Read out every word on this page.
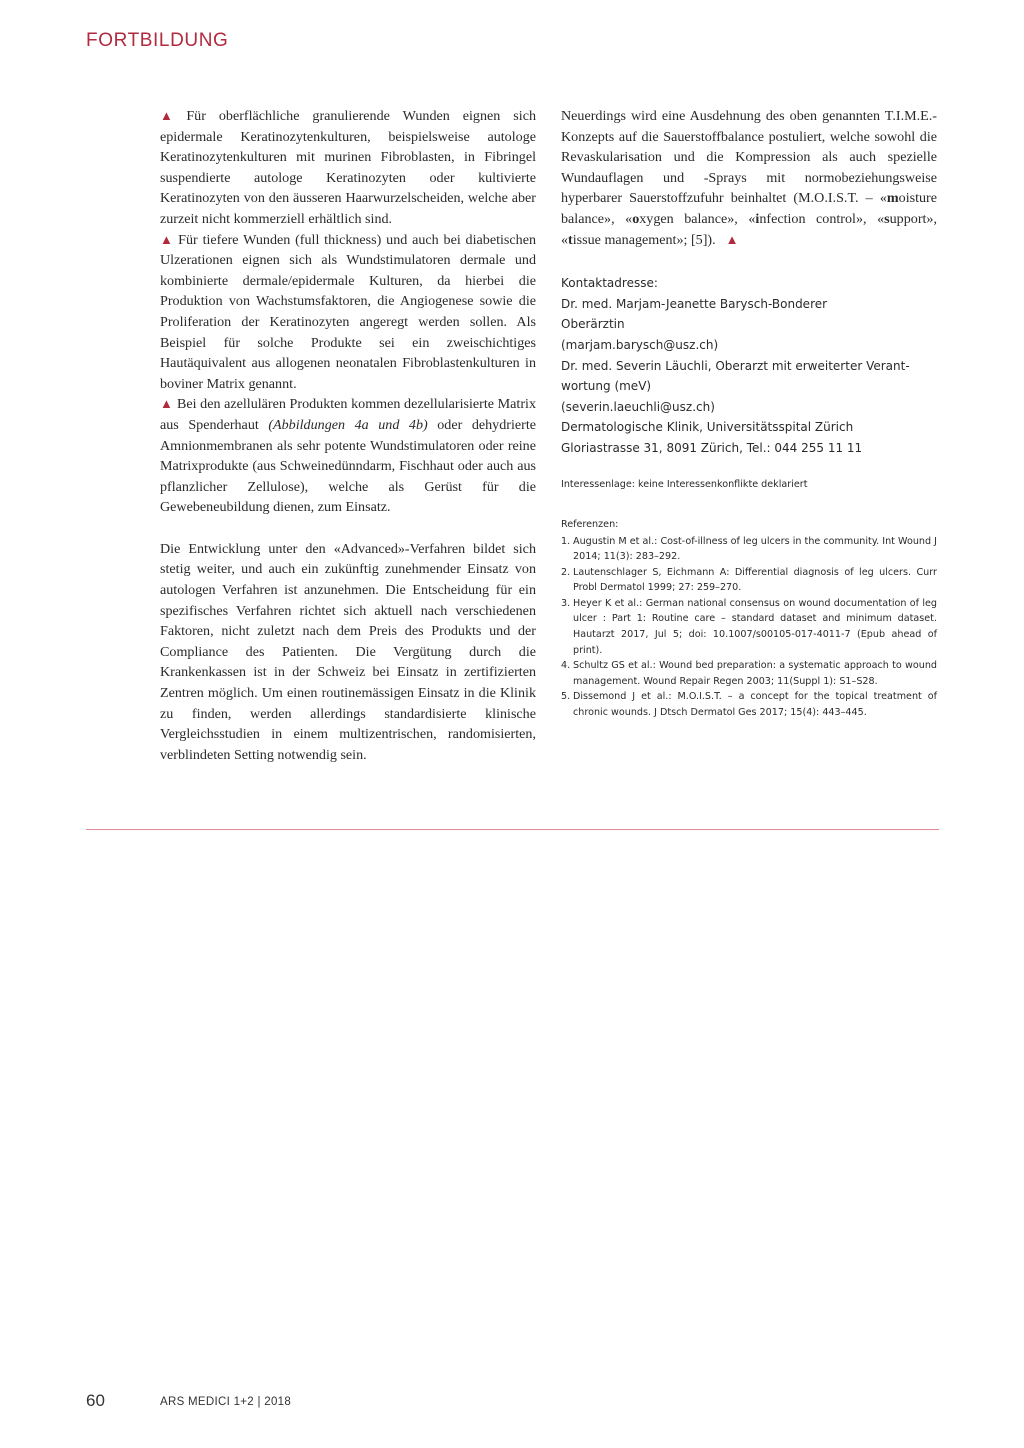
FORTBILDUNG

▲ Für oberflächliche granulierende Wunden eignen sich epidermale Keratinozytenkulturen, beispielsweise autologe Keratinozytenkulturen mit murinen Fibroblasten, in Fibringel suspendierte autologe Keratinozyten oder kultivierte Keratinozyten von den äusseren Haarwurzelscheiden, welche aber zurzeit nicht kommerziell erhältlich sind.

▲ Für tiefere Wunden (full thickness) und auch bei diabetischen Ulzerationen eignen sich als Wundstimulatoren dermale und kombinierte dermale/epidermale Kulturen, da hierbei die Produktion von Wachstumsfaktoren, die Angiogenese sowie die Proliferation der Keratinozyten angeregt werden sollen. Als Beispiel für solche Produkte sei ein zweischichtiges Hautäquivalent aus allogenen neonatalen Fibroblastenkulturen in boviner Matrix genannt.

▲ Bei den azellulären Produkten kommen dezellularisierte Matrix aus Spenderhaut (Abbildungen 4a und 4b) oder dehydrierte Amnionmembranen als sehr potente Wundstimulatoren oder reine Matrixprodukte (aus Schweinedünndarm, Fischhaut oder auch aus pflanzlicher Zellulose), welche als Gerüst für die Gewebeneubildung dienen, zum Einsatz.

Die Entwicklung unter den «Advanced»-Verfahren bildet sich stetig weiter, und auch ein zukünftig zunehmender Einsatz von autologen Verfahren ist anzunehmen. Die Entscheidung für ein spezifisches Verfahren richtet sich aktuell nach verschiedenen Faktoren, nicht zuletzt nach dem Preis des Produkts und der Compliance des Patienten. Die Vergütung durch die Krankenkassen ist in der Schweiz bei Einsatz in zertifizierten Zentren möglich. Um einen routinemässigen Einsatz in die Klinik zu finden, werden allerdings standardisierte klinische Vergleichsstudien in einem multizentrischen, randomisierten, verblindeten Setting notwendig sein.

Neuerdings wird eine Ausdehnung des oben genannten T.I.M.E.-Konzepts auf die Sauerstoffbalance postuliert, welche sowohl die Revaskularisation und die Kompression als auch spezielle Wundauflagen und -Sprays mit normobeziehungsweise hyperbarer Sauerstoffzufuhr beinhaltet (M.O.I.S.T. – «moisture balance», «oxygen balance», «infection control», «support», «tissue management»; [5]). ▲

Kontaktadresse:
Dr. med. Marjam-Jeanette Barysch-Bonderer
Oberärztin
(marjam.barysch@usz.ch)
Dr. med. Severin Läuchli, Oberarzt mit erweiterter Verant-
wortung (meV)
(severin.laeuchli@usz.ch)
Dermatologische Klinik, Universitätsspital Zürich
Gloriastrasse 31, 8091 Zürich, Tel.: 044 255 11 11
Interessenlage: keine Interessenkonflikte deklariert
Referenzen:
1. Augustin M et al.: Cost-of-illness of leg ulcers in the community. Int Wound J 2014; 11(3): 283–292.
2. Lautenschlager S, Eichmann A: Differential diagnosis of leg ulcers. Curr Probl Dermatol 1999; 27: 259–270.
3. Heyer K et al.: German national consensus on wound documentation of leg ulcer : Part 1: Routine care – standard dataset and minimum dataset. Hautarzt 2017, Jul 5; doi: 10.1007/s00105-017-4011-7 (Epub ahead of print).
4. Schultz GS et al.: Wound bed preparation: a systematic approach to wound management. Wound Repair Regen 2003; 11(Suppl 1): S1–S28.
5. Dissemond J et al.: M.O.I.S.T. – a concept for the topical treatment of chronic wounds. J Dtsch Dermatol Ges 2017; 15(4): 443–445.
60	ARS MEDICI 1+2 | 2018
